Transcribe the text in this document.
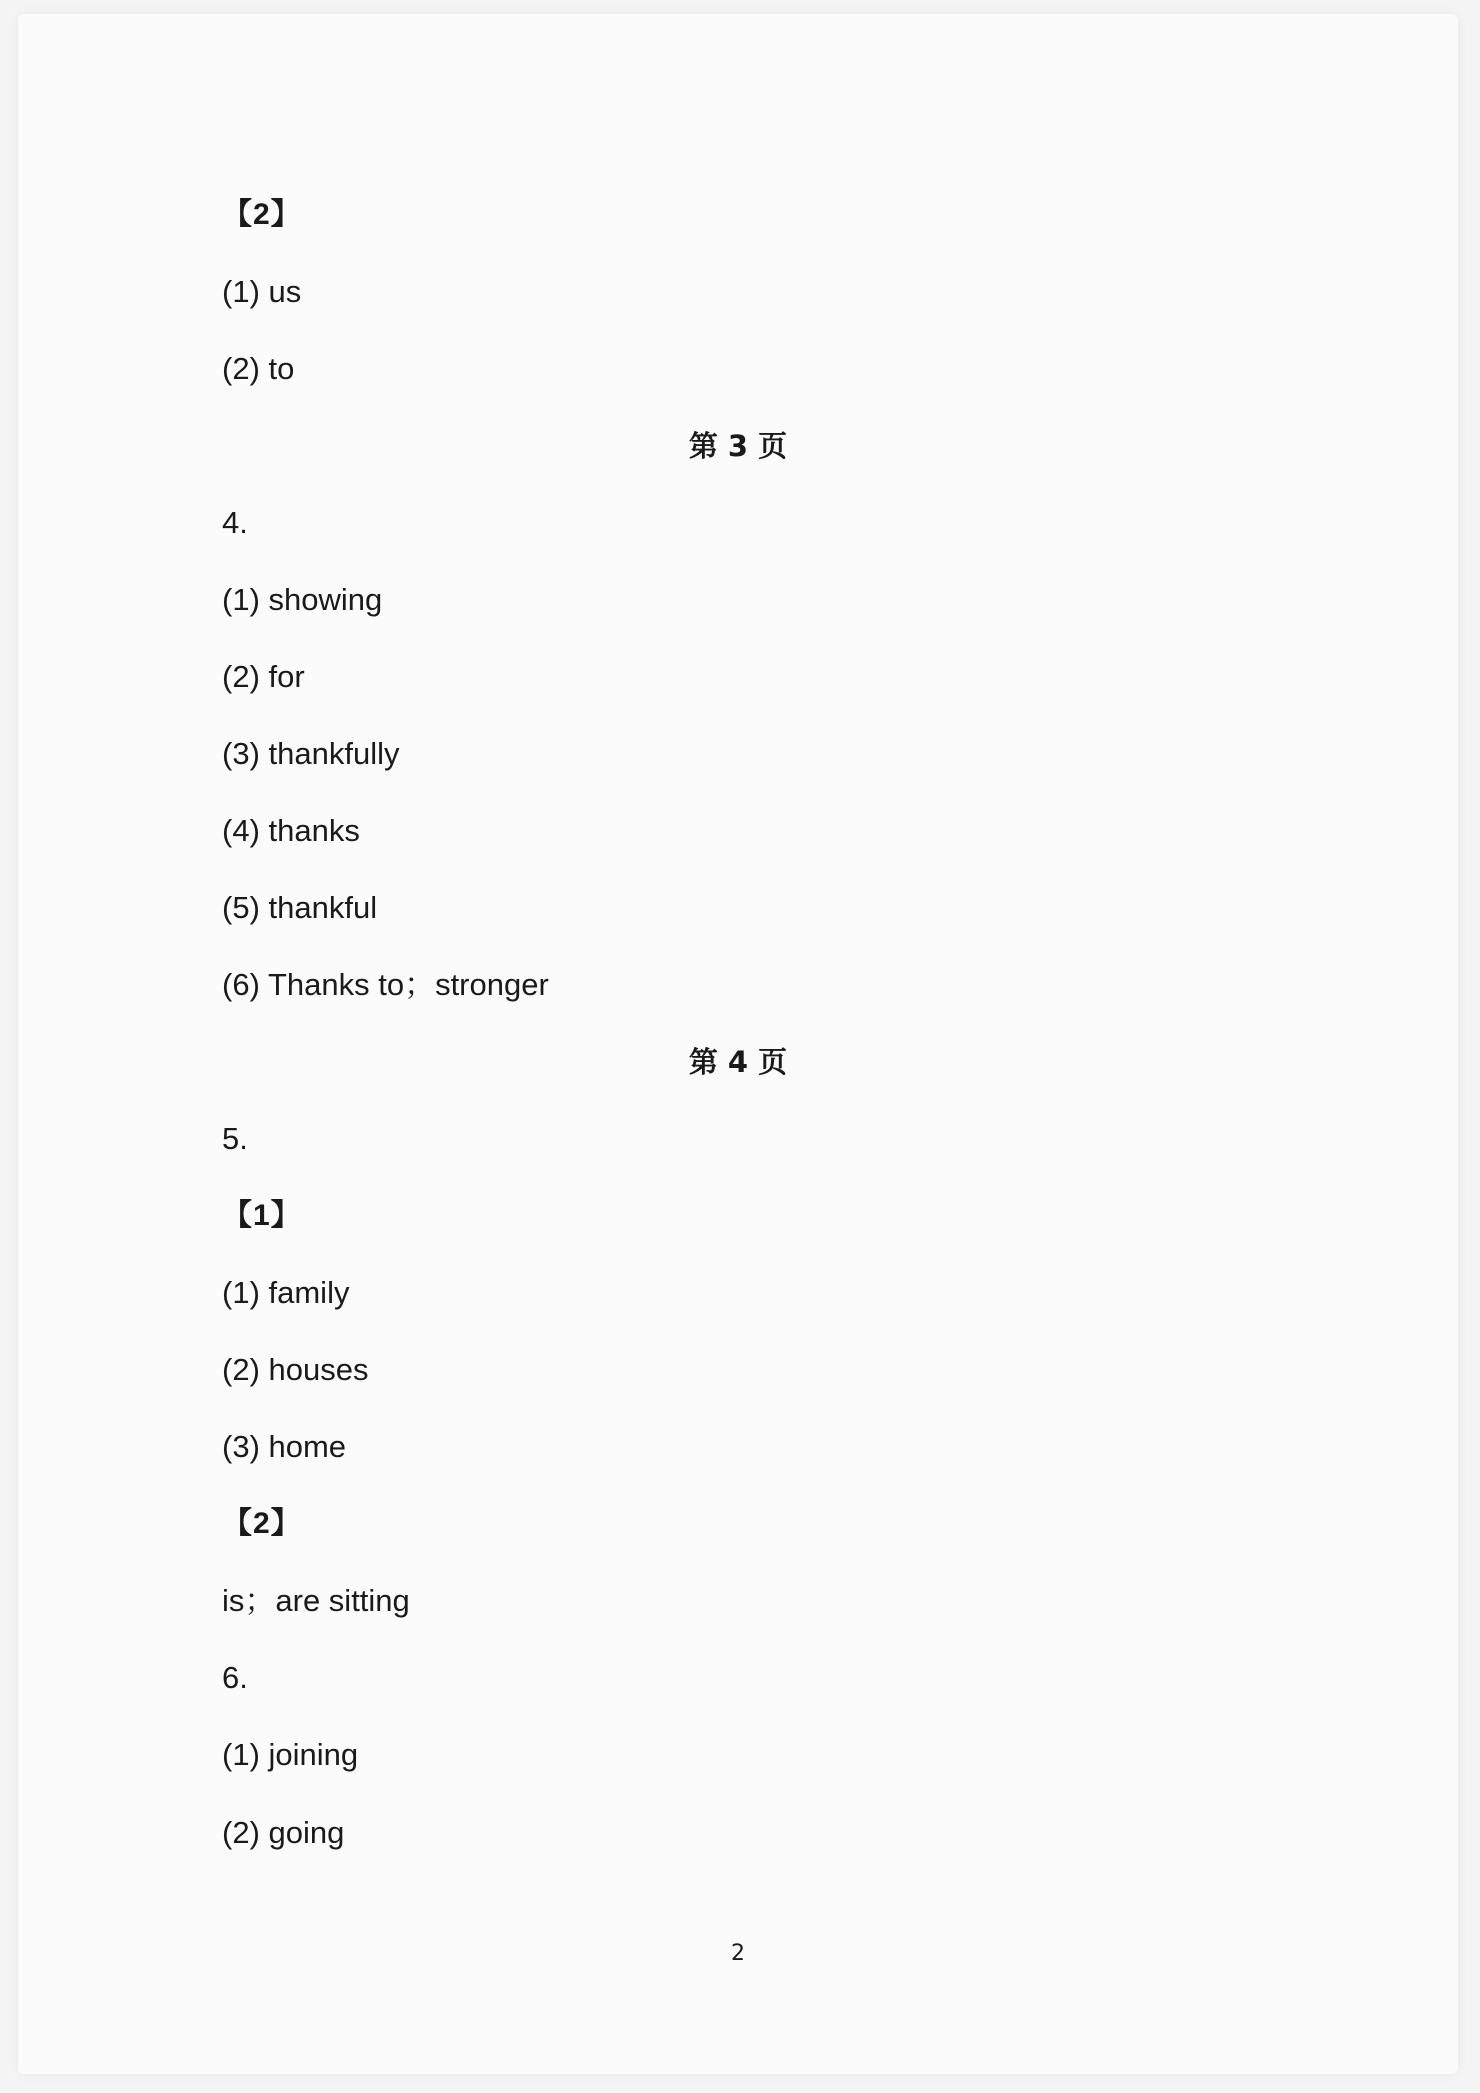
【2】
(1) us
(2) to
第 3 页
4.
(1) showing
(2) for
(3) thankfully
(4) thanks
(5) thankful
(6) Thanks to；stronger
第 4 页
5.
【1】
(1) family
(2) houses
(3) home
【2】
is；are sitting
6.
(1) joining
(2) going
2
